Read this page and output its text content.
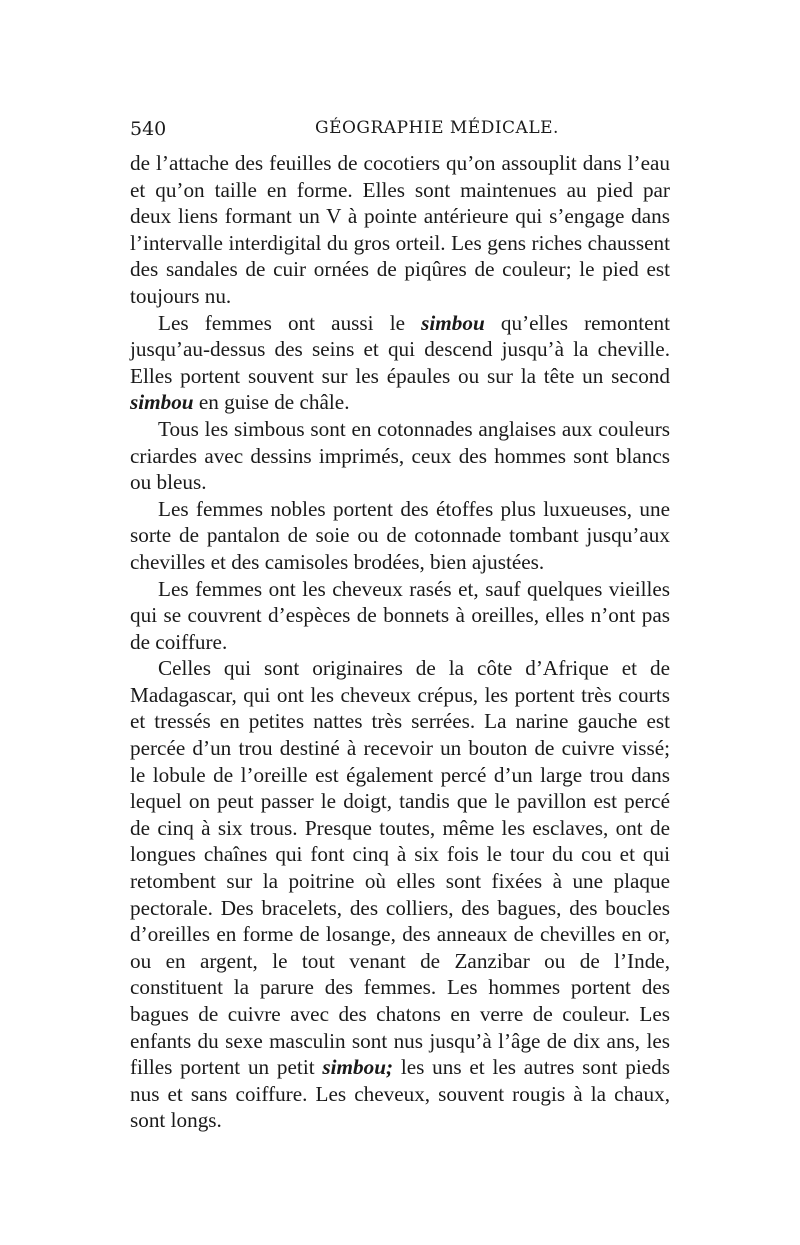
540	GÉOGRAPHIE MÉDICALE.

de l’attache des feuilles de cocotiers qu’on assouplit dans l’eau et qu’on taille en forme. Elles sont maintenues au pied par deux liens formant un V à pointe antérieure qui s’engage dans l’intervalle interdigital du gros orteil. Les gens riches chaussent des sandales de cuir ornées de piqûres de couleur; le pied est toujours nu.

Les femmes ont aussi le simbou qu’elles remontent jusqu’au-dessus des seins et qui descend jusqu’à la cheville. Elles portent souvent sur les épaules ou sur la tête un second simbou en guise de châle.

Tous les simbous sont en cotonnades anglaises aux couleurs criardes avec dessins imprimés, ceux des hommes sont blancs ou bleus.

Les femmes nobles portent des étoffes plus luxueuses, une sorte de pantalon de soie ou de cotonnade tombant jusqu’aux chevilles et des camisoles brodées, bien ajustées.

Les femmes ont les cheveux rasés et, sauf quelques vieilles qui se couvrent d’espèces de bonnets à oreilles, elles n’ont pas de coiffure.

Celles qui sont originaires de la côte d’Afrique et de Madagascar, qui ont les cheveux crépus, les portent très courts et tressés en petites nattes très serrées. La narine gauche est percée d’un trou destiné à recevoir un bouton de cuivre vissé; le lobule de l’oreille est également percé d’un large trou dans lequel on peut passer le doigt, tandis que le pavillon est percé de cinq à six trous. Presque toutes, même les esclaves, ont de longues chaînes qui font cinq à six fois le tour du cou et qui retombent sur la poitrine où elles sont fixées à une plaque pectorale. Des bracelets, des colliers, des bagues, des boucles d’oreilles en forme de losange, des anneaux de chevilles en or, ou en argent, le tout venant de Zanzibar ou de l’Inde, constituent la parure des femmes. Les hommes portent des bagues de cuivre avec des chatons en verre de couleur. Les enfants du sexe masculin sont nus jusqu’à l’âge de dix ans, les filles portent un petit simbou; les uns et les autres sont pieds nus et sans coiffure. Les cheveux, souvent rougis à la chaux, sont longs.
